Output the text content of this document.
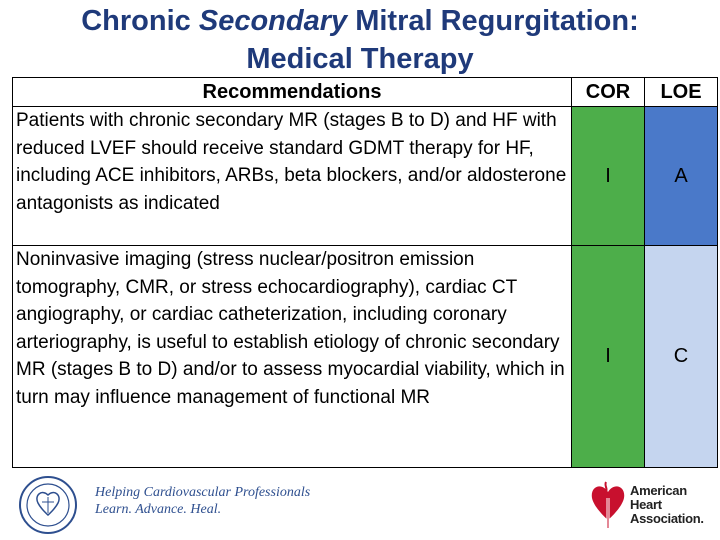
Chronic Secondary Mitral Regurgitation:
Medical Therapy
Recommendations	COR	LOE
Patients with chronic secondary MR (stages B to D) and HF with reduced LVEF should receive standard GDMT therapy for HF, including ACE inhibitors, ARBs, beta blockers, and/or aldosterone antagonists as indicated	I	A
Noninvasive imaging (stress nuclear/positron emission tomography, CMR, or stress echocardiography), cardiac CT angiography, or cardiac catheterization, including coronary arteriography, is useful to establish etiology of chronic secondary MR (stages B to D) and/or to assess myocardial viability, which in turn may influence management of functional MR	I	C
Helping Cardiovascular Professionals
Learn. Advance. Heal.
American
Heart
Association.
